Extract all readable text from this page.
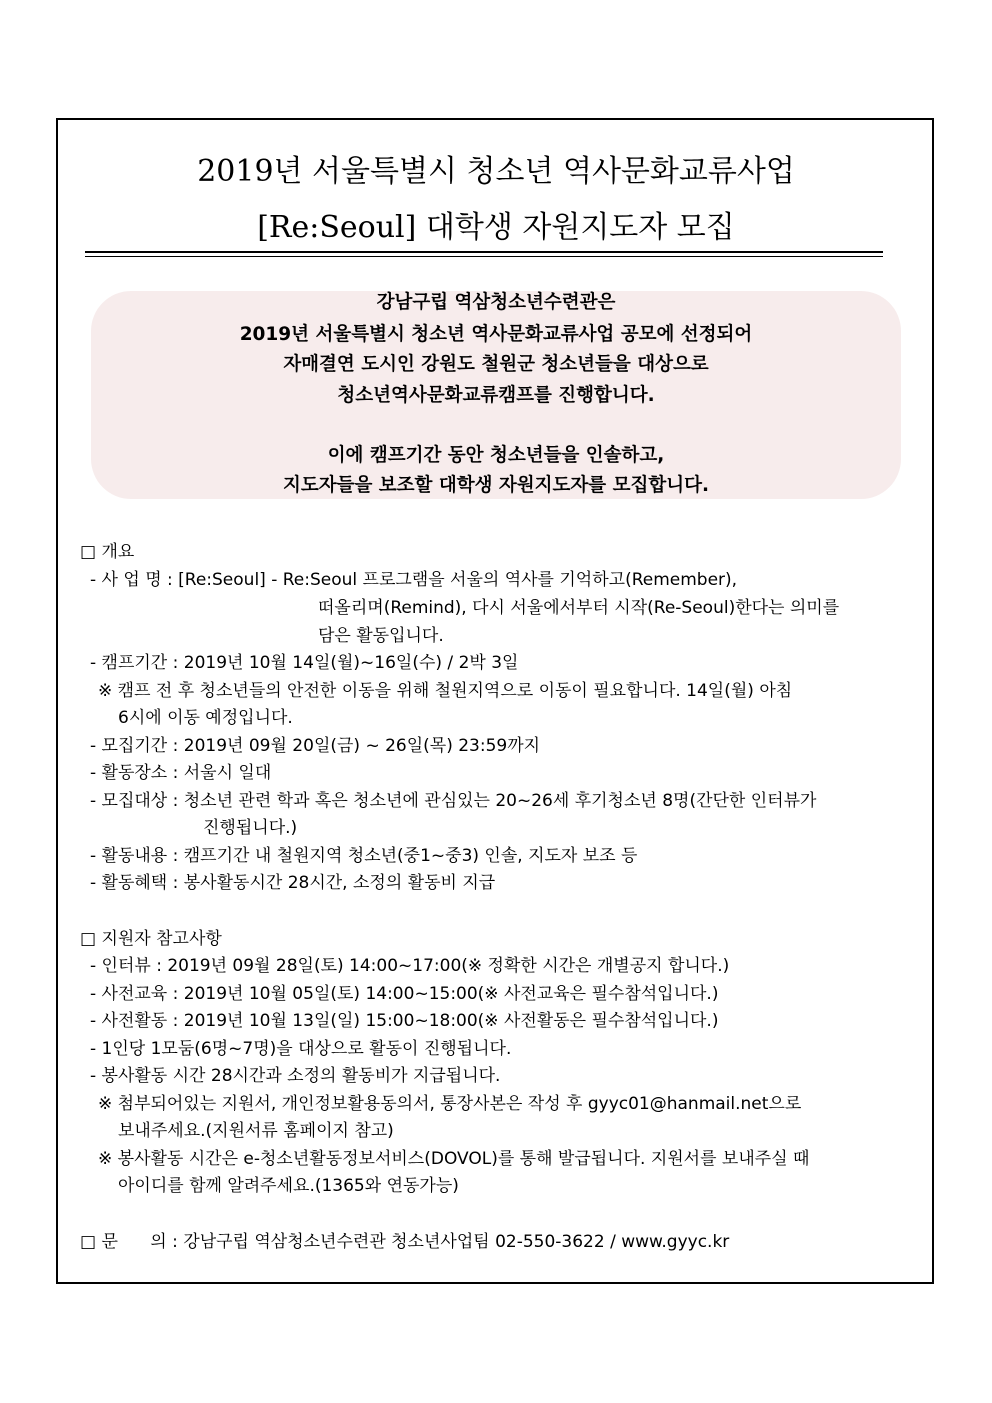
2019년 서울특별시 청소년 역사문화교류사업
[Re:Seoul] 대학생 자원지도자 모집
강남구립 역삼청소년수련관은
2019년 서울특별시 청소년 역사문화교류사업 공모에 선정되어
자매결연 도시인 강원도 철원군 청소년들을 대상으로
청소년역사문화교류캠프를 진행합니다.
이에 캠프기간 동안 청소년들을 인솔하고,
지도자들을 보조할 대학생 자원지도자를 모집합니다.
□ 개요
- 사 업 명 : [Re:Seoul] - Re:Seoul 프로그램을 서울의 역사를 기억하고(Remember),
떠올리며(Remind), 다시 서울에서부터 시작(Re-Seoul)한다는 의미를
담은 활동입니다.
- 캠프기간 : 2019년 10월 14일(월)~16일(수) / 2박 3일
※ 캠프 전 후 청소년들의 안전한 이동을 위해 철원지역으로 이동이 필요합니다. 14일(월) 아침
6시에 이동 예정입니다.
- 모집기간 : 2019년 09월 20일(금) ~ 26일(목) 23:59까지
- 활동장소 : 서울시 일대
- 모집대상 : 청소년 관련 학과 혹은 청소년에 관심있는 20~26세 후기청소년 8명(간단한 인터뷰가
진행됩니다.)
- 활동내용 : 캠프기간 내 철원지역 청소년(중1~중3) 인솔, 지도자 보조 등
- 활동혜택 : 봉사활동시간 28시간, 소정의 활동비 지급
□ 지원자 참고사항
- 인터뷰 : 2019년 09월 28일(토) 14:00~17:00(※ 정확한 시간은 개별공지 합니다.)
- 사전교육 : 2019년 10월 05일(토) 14:00~15:00(※ 사전교육은 필수참석입니다.)
- 사전활동 : 2019년 10월 13일(일) 15:00~18:00(※ 사전활동은 필수참석입니다.)
- 1인당 1모둠(6명~7명)을 대상으로 활동이 진행됩니다.
- 봉사활동 시간 28시간과 소정의 활동비가 지급됩니다.
※ 첨부되어있는 지원서, 개인정보활용동의서, 통장사본은 작성 후 gyyc01@hanmail.net으로
보내주세요.(지원서류 홈페이지 참고)
※ 봉사활동 시간은 e-청소년활동정보서비스(DOVOL)를 통해 발급됩니다. 지원서를 보내주실 때
아이디를 함께 알려주세요.(1365와 연동가능)
□ 문      의 : 강남구립 역삼청소년수련관 청소년사업팀 02-550-3622 / www.gyyc.kr
